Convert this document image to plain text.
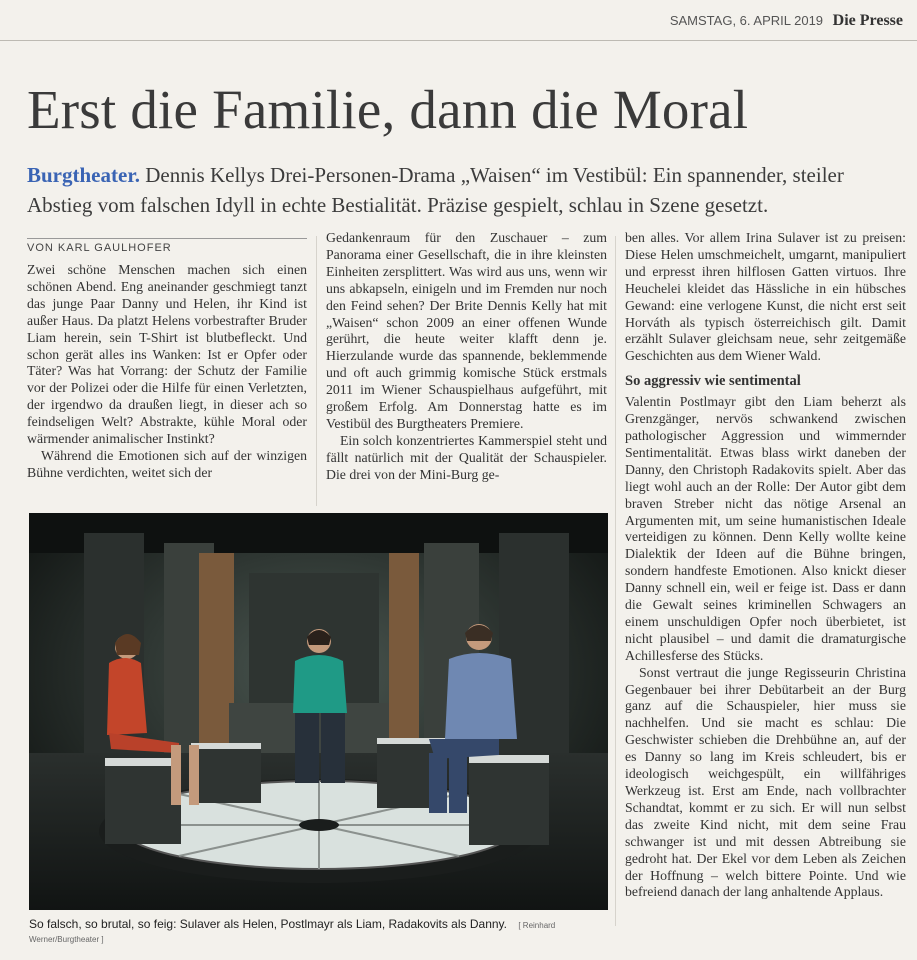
SAMSTAG, 6. APRIL 2019 Die Presse
Erst die Familie, dann die Moral
Burgtheater. Dennis Kellys Drei-Personen-Drama „Waisen“ im Vestibül: Ein spannender, steiler Abstieg vom falschen Idyll in echte Bestialität. Präzise gespielt, schlau in Szene gesetzt.
VON KARL GAULHOFER

Zwei schöne Menschen machen sich einen schönen Abend. Eng aneinander geschmiegt tanzt das junge Paar Danny und Helen, ihr Kind ist außer Haus. Da platzt Helens vorbestrafter Bruder Liam herein, sein T-Shirt ist blutbefleckt. Und schon gerät alles ins Wanken: Ist er Opfer oder Täter? Was hat Vorrang: der Schutz der Familie vor der Polizei oder die Hilfe für einen Verletzten, der irgendwo da draußen liegt, in dieser ach so feindseligen Welt? Abstrakte, kühle Moral oder wärmender animalischer Instinkt?

Während die Emotionen sich auf der winzigen Bühne verdichten, weitet sich der

Gedankenraum für den Zuschauer – zum Panorama einer Gesellschaft, die in ihre kleinsten Einheiten zersplittert. Was wird aus uns, wenn wir uns abkapseln, einigeln und im Fremden nur noch den Feind sehen? Der Brite Dennis Kelly hat mit „Waisen“ schon 2009 an einer offenen Wunde gerührt, die heute weiter klafft denn je. Hierzulande wurde das spannende, beklemmende und oft auch grimmig komische Stück erstmals 2011 im Wiener Schauspielhaus aufgeführt, mit großem Erfolg. Am Donnerstag hatte es im Vestibül des Burgtheaters Premiere.

Ein solch konzentriertes Kammerspiel steht und fällt natürlich mit der Qualität der Schauspieler. Die drei von der Mini-Burg ge-

ben alles. Vor allem Irina Sulaver ist zu preisen: Diese Helen umschmeichelt, umgarnt, manipuliert und erpresst ihren hilflosen Gatten virtuos. Ihre Heuchelei kleidet das Hässliche in ein hübsches Gewand: eine verlogene Kunst, die nicht erst seit Horváth als typisch österreichisch gilt. Damit erzählt Sulaver gleichsam neue, sehr zeitgemäße Geschichten aus dem Wiener Wald.

So aggressiv wie sentimental

Valentin Postlmayr gibt den Liam beherzt als Grenzgänger, nervös schwankend zwischen pathologischer Aggression und wimmernder Sentimentalität. Etwas blass wirkt daneben der Danny, den Christoph Radakovits spielt. Aber das liegt wohl auch an der Rolle: Der Autor gibt dem braven Streber nicht das nötige Arsenal an Argumenten mit, um seine humanistischen Ideale verteidigen zu können. Denn Kelly wollte keine Dialektik der Ideen auf die Bühne bringen, sondern handfeste Emotionen. Also knickt dieser Danny schnell ein, weil er feige ist. Dass er dann die Gewalt seines kriminellen Schwagers an einem unschuldigen Opfer noch überbietet, ist nicht plausibel – und damit die dramaturgische Achillesferse des Stücks.

Sonst vertraut die junge Regisseurin Christina Gegenbauer bei ihrer Debütarbeit an der Burg ganz auf die Schauspieler, hier muss sie nachhelfen. Und sie macht es schlau: Die Geschwister schieben die Drehbühne an, auf der es Danny so lang im Kreis schleudert, bis er ideologisch weichgespült, ein willfähriges Werkzeug ist. Erst am Ende, nach vollbrachter Schandtat, kommt er zu sich. Er will nun selbst das zweite Kind nicht, mit dem seine Frau schwanger ist und mit dessen Abtreibung sie gedroht hat. Der Ekel vor dem Leben als Zeichen der Hoffnung – welch bittere Pointe. Und wie befreiend danach der lang anhaltende Applaus.

So falsch, so brutal, so feig: Sulaver als Helen, Postlmayr als Liam, Radakovits als Danny. [ Reinhard Werner/Burgtheater ]
